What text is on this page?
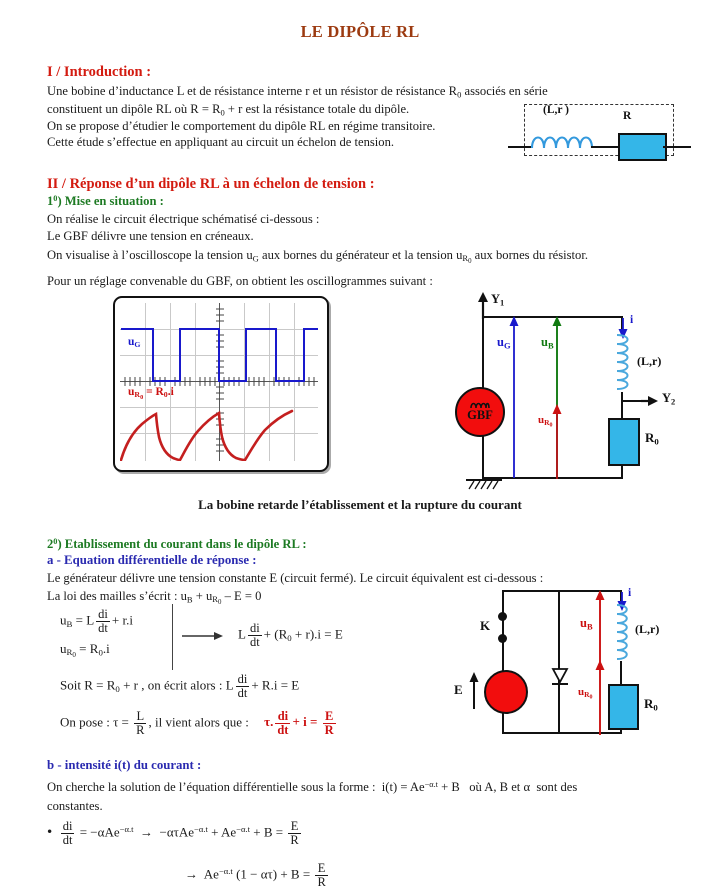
LE DIPÔLE RL
I / Introduction :
Une bobine d’inductance L et de résistance interne r et un résistor de résistance $R_0$ associés en série
constituent un dipôle RL où $R = R_0 + r$ est la résistance totale du dipôle.
On se propose d’étudier le comportement du dipôle RL en régime transitoire.
Cette étude s’effectue en appliquant au circuit un échelon de tension.
(L,r )	R
II / Réponse d’un dipôle RL à un échelon de tension :
$1^0$) Mise en situation :
On réalise le circuit électrique schématisé ci-dessous :
Le GBF délivre une tension en créneaux.
On visualise à l’oscilloscope la tension $u_G$ aux bornes du générateur et la tension $u_{R_0}$ aux bornes du résistor.
Pour un réglage convenable du GBF, on obtient les oscillogrammes suivant :
$u_G$
$u_{R_0} = R_0.i$
La bobine retarde l’établissement et la rupture du courant
$Y_1$
GBF
$u_G$ $u_B$
$u_{R_0}$
i
(L,r)
$Y_2$
$R_0$
$2^0$) Etablissement du courant dans le dipôle RL :
a - Equation différentielle de réponse :
Le générateur délivre une tension constante E (circuit fermé). Le circuit équivalent est ci-dessous :
La loi des mailles s’écrit : $u_B + u_{R_0} - E = 0$
$u_B = L \frac{di}{dt} + r.i$
$u_{R_0} = R_0.i$
L $\frac{di}{dt} + (R_0 + r).i = E$
Soit $R = R_0 + r$ , on écrit alors : L $\frac{di}{dt} + R.i = E$
On pose : $\tau = \frac{L}{R}$ , il vient alors que : τ. $\frac{di}{dt} + i = \frac{E}{R}$
K
E
$u_B$
$u_{R_0}$
i
(L,r)
$R_0$
b - intensité i(t) du courant :
On cherche la solution de l’équation différentielle sous la forme :  $i(t) = Ae^{-\alpha.t} + B$   où A, B et α  sont des
constantes.
• $\frac{di}{dt} = -\alpha Ae^{-\alpha.t} \to -\alpha\tau Ae^{-\alpha.t} + Ae^{-\alpha.t} + B = \frac{E}{R}$
→  $Ae^{-\alpha.t}$ $(1 - \alpha\tau) + B = \frac{E}{R}$
